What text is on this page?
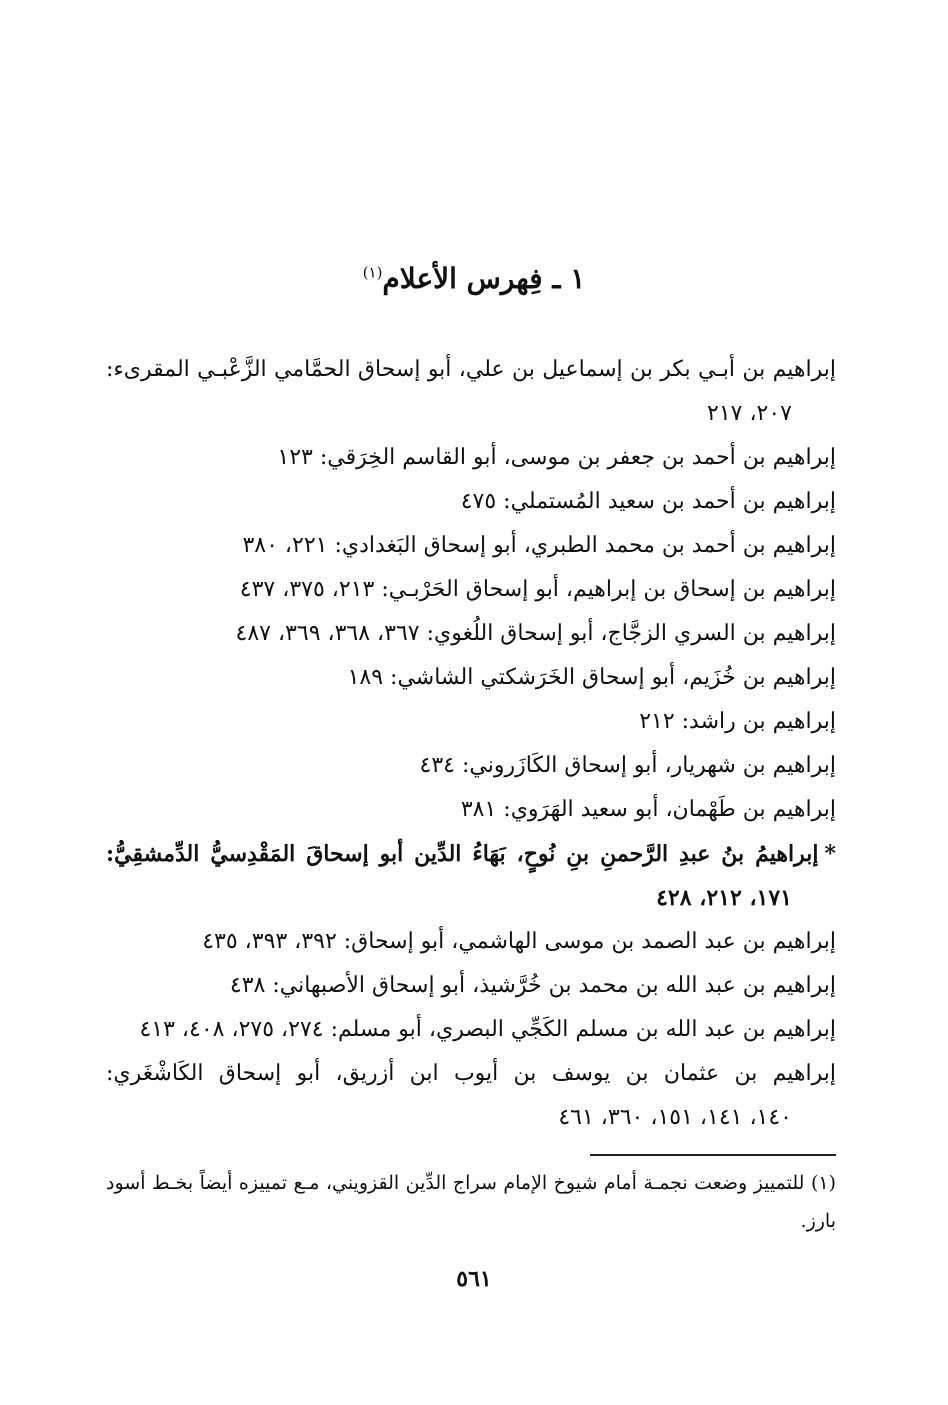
١ ـ فِهرس الأعلام$^{(١)}$
إبراهيم بن أبـي بكر بن إسماعيل بن علي، أبو إسحاق الحمَّامي الزَّعْبـي المقرىء: ٢٠٧، ٢١٧
إبراهيم بن أحمد بن جعفر بن موسى، أبو القاسم الخِرَقي: ١٢٣
إبراهيم بن أحمد بن سعيد المُستملي: ٤٧٥
إبراهيم بن أحمد بن محمد الطبري، أبو إسحاق البَغدادي: ٢٢١، ٣٨٠
إبراهيم بن إسحاق بن إبراهيم، أبو إسحاق الحَرْبـي: ٢١٣، ٣٧٥، ٤٣٧
إبراهيم بن السري الزجَّاج، أبو إسحاق اللُغوي: ٣٦٧، ٣٦٨، ٣٦٩، ٤٨٧
إبراهيم بن خُزَيم، أبو إسحاق الخَرَشكتي الشاشي: ١٨٩
إبراهيم بن راشد: ٢١٢
إبراهيم بن شهريار، أبو إسحاق الكَازَروني: ٤٣٤
إبراهيم بن طَهْمان، أبو سعيد الهَرَوي: ٣٨١
*إبراهيمُ بنُ عبدِ الرَّحمنِ بنِ نُوحٍ، بَهَاءُ الدِّين أبو إسحاقَ المَقْدِسيُّ الدِّمشقِيُّ: ١٧١، ٢١٢، ٤٢٨
إبراهيم بن عبد الصمد بن موسى الهاشمي، أبو إسحاق: ٣٩٢، ٣٩٣، ٤٣٥
إبراهيم بن عبد الله بن محمد بن خُرَّشيذ، أبو إسحاق الأصبهاني: ٤٣٨
إبراهيم بن عبد الله بن مسلم الكَجِّي البصري، أبو مسلم: ٢٧٤، ٢٧٥، ٤٠٨، ٤١٣
إبراهيم بن عثمان بن يوسف بن أيوب ابن أزريق، أبو إسحاق الكَاشْغَري: ١٤٠، ١٤١، ١٥١، ٣٦٠، ٤٦١
(١) للتمييز وضعت نجمـة أمام شيوخ الإمام سراج الدِّين القزويني، مـع تمييزه أيضاً بخـط أسود بارز.
٥٦١
